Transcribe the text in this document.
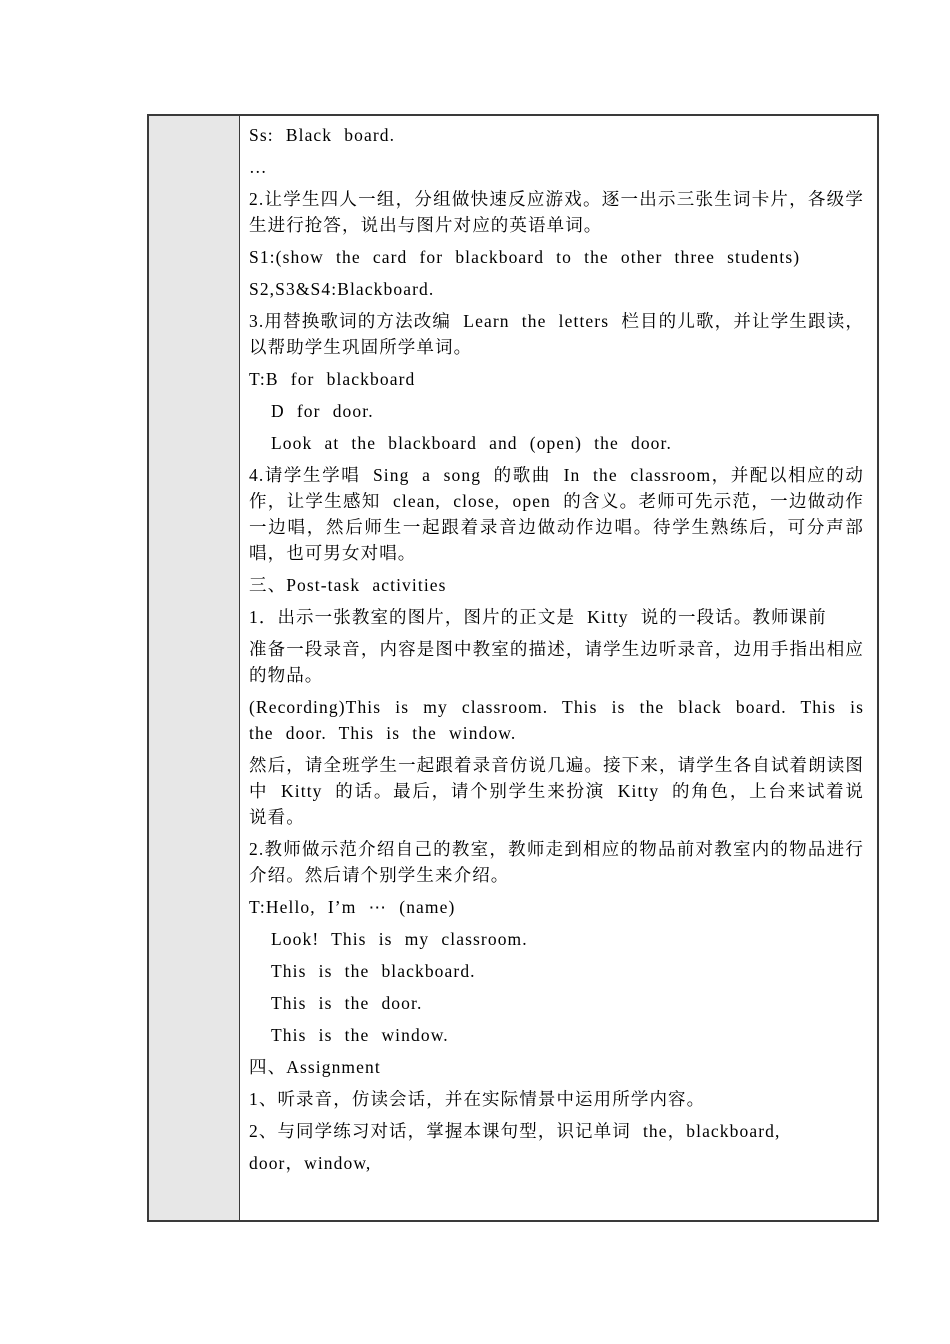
Ss: Black board.

…

2.让学生四人一组，分组做快速反应游戏。逐一出示三张生词卡片，各级学生进行抢答，说出与图片对应的英语单词。

S1:(show the card for blackboard to the other three students)

S2,S3&S4:Blackboard.

3.用替换歌词的方法改编 Learn the letters 栏目的儿歌，并让学生跟读，以帮助学生巩固所学单词。

T:B for blackboard

D for door.

Look at the blackboard and (open) the door.

4.请学生学唱 Sing a song 的歌曲 In the classroom，并配以相应的动作，让学生感知 clean, close, open 的含义。老师可先示范，一边做动作一边唱，然后师生一起跟着录音边做动作边唱。待学生熟练后，可分声部唱，也可男女对唱。

三、Post-task activities

1．出示一张教室的图片，图片的正文是 Kitty 说的一段话。教师课前

准备一段录音，内容是图中教室的描述，请学生边听录音，边用手指出相应的物品。

(Recording)This is my classroom. This is the black board. This is the door. This is the window.

然后，请全班学生一起跟着录音仿说几遍。接下来，请学生各自试着朗读图中 Kitty 的话。最后，请个别学生来扮演 Kitty 的角色，上台来试着说说看。

2.教师做示范介绍自己的教室，教师走到相应的物品前对教室内的物品进行介绍。然后请个别学生来介绍。

T:Hello, I’m ⋯ (name)

Look! This is my classroom.

This is the blackboard.

This is the door.

This is the window.

四、Assignment

1、听录音，仿读会话，并在实际情景中运用所学内容。

2、与同学练习对话，掌握本课句型，识记单词 the，blackboard,

door，window,
